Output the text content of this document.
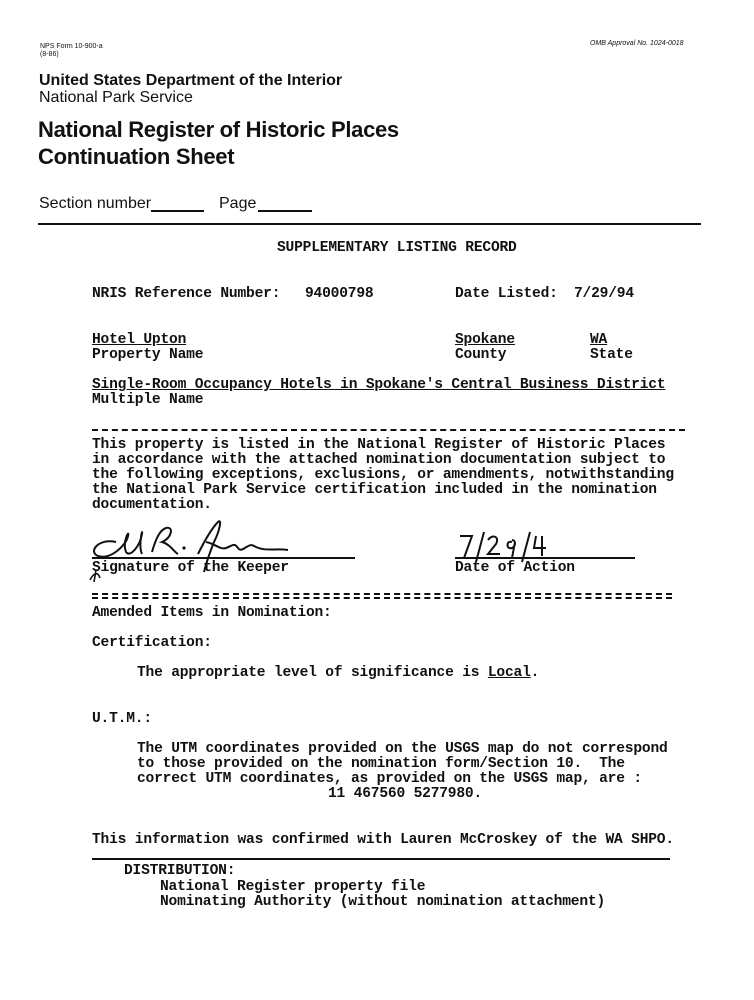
NPS Form 10-900-a
(8-86)
OMB Approval No. 1024-0018
United States Department of the Interior
National Park Service
National Register of Historic Places
Continuation Sheet
Section number	Page
SUPPLEMENTARY LISTING RECORD
NRIS Reference Number: 94000798	Date Listed: 7/29/94
Hotel Upton	Spokane	WA
Property Name	County	State
Single-Room Occupancy Hotels in Spokane's Central Business District
Multiple Name
This property is listed in the National Register of Historic Places
in accordance with the attached nomination documentation subject to
the following exceptions, exclusions, or amendments, notwithstanding
the National Park Service certification included in the nomination
documentation.
Signature of the Keeper	Date of Action
Amended Items in Nomination:
Certification:
The appropriate level of significance is Local.
U.T.M.:
The UTM coordinates provided on the USGS map do not correspond
to those provided on the nomination form/Section 10.  The
correct UTM coordinates, as provided on the USGS map, are :
11 467560 5277980.
This information was confirmed with Lauren McCroskey of the WA SHPO.
DISTRIBUTION:
National Register property file
Nominating Authority (without nomination attachment)
